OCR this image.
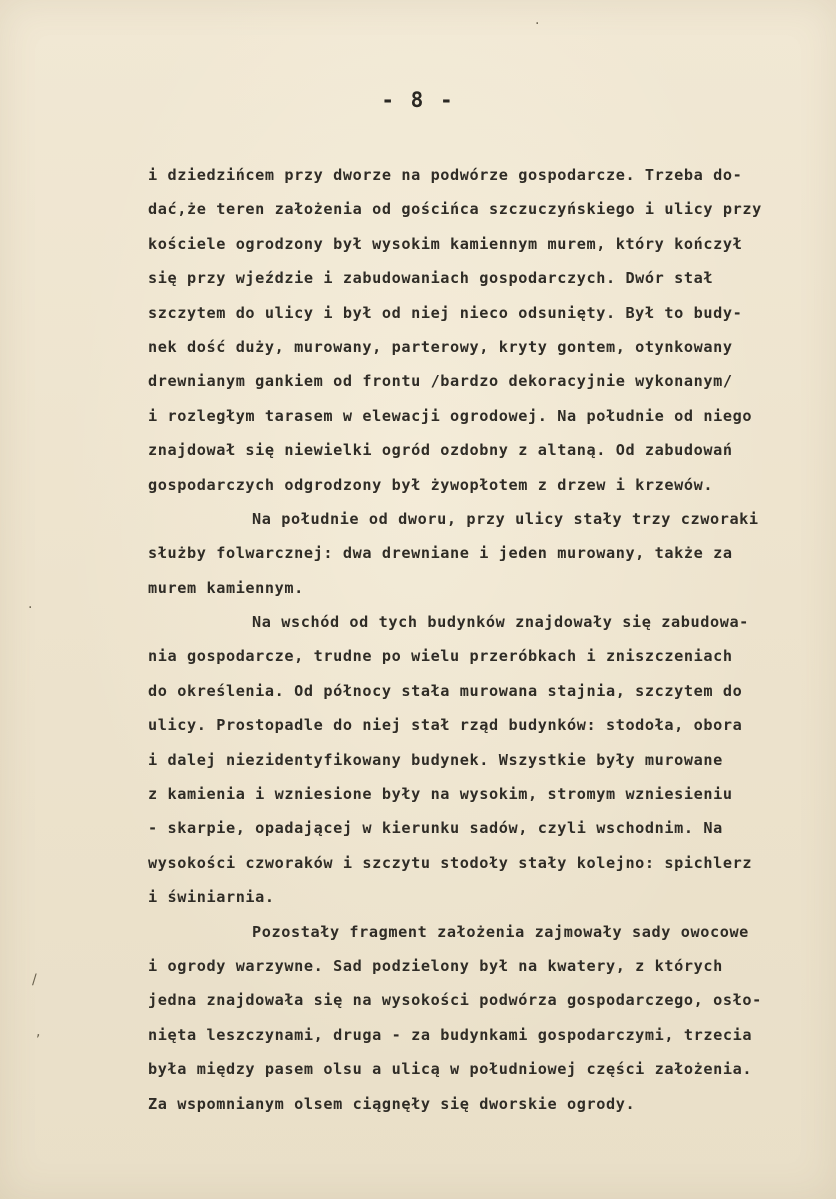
- 8 -
·
·
/
,
i dziedzińcem przy dworze na podwórze gospodarcze. Trzeba do-
dać,że teren założenia od gościńca szczuczyńskiego i ulicy przy
kościele ogrodzony był wysokim kamiennym murem, który kończył
się przy wjeździe i zabudowaniach gospodarczych. Dwór stał
szczytem do ulicy i był od niej nieco odsunięty. Był to budy-
nek dość duży, murowany, parterowy, kryty gontem, otynkowany
drewnianym gankiem od frontu /bardzo dekoracyjnie wykonanym/
i rozległym tarasem w elewacji ogrodowej. Na południe od niego
znajdował się niewielki ogród ozdobny z altaną. Od zabudowań
gospodarczych odgrodzony był żywopłotem z drzew i krzewów.
Na południe od dworu, przy ulicy stały trzy czworaki
służby folwarcznej: dwa drewniane i jeden murowany, także za
murem kamiennym.
Na wschód od tych budynków znajdowały się zabudowa-
nia gospodarcze, trudne po wielu przeróbkach i zniszczeniach
do określenia. Od północy stała murowana stajnia, szczytem do
ulicy. Prostopadle do niej stał rząd budynków: stodoła, obora
i dalej niezidentyfikowany budynek. Wszystkie były murowane
z kamienia i wzniesione były na wysokim, stromym wzniesieniu
- skarpie, opadającej w kierunku sadów, czyli wschodnim. Na
wysokości czworaków i szczytu stodoły stały kolejno: spichlerz
i świniarnia.
Pozostały fragment założenia zajmowały sady owocowe
i ogrody warzywne. Sad podzielony był na kwatery, z których
jedna znajdowała się na wysokości podwórza gospodarczego, osło-
nięta leszczynami, druga - za budynkami gospodarczymi, trzecia
była między pasem olsu a ulicą w południowej części założenia.
Za wspomnianym olsem ciągnęły się dworskie ogrody.
